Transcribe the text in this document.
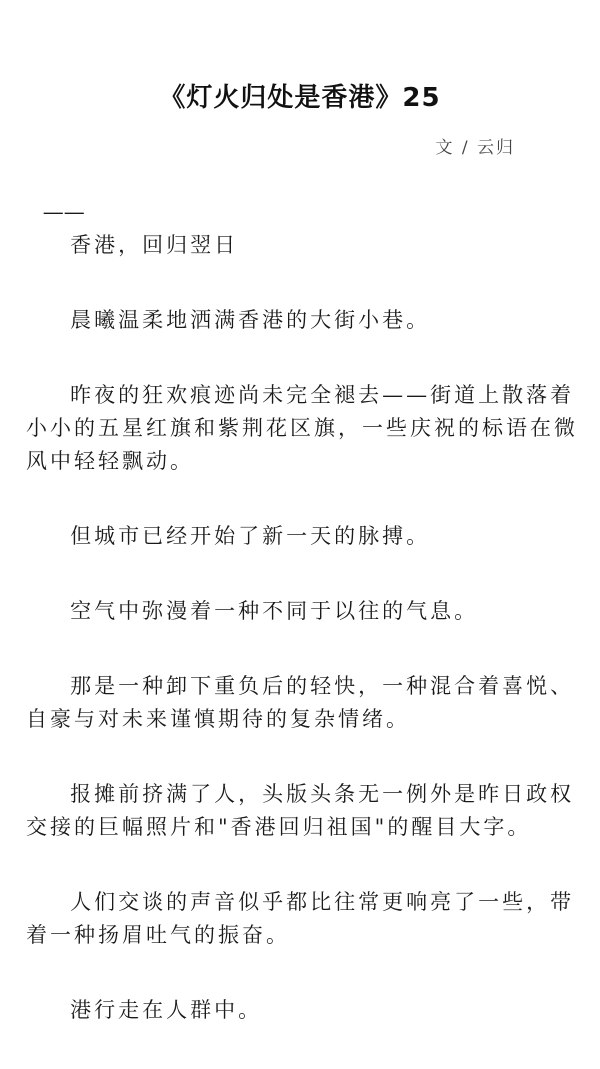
《灯火归处是香港》25
文 / 云归

——

香港，回归翌日

晨曦温柔地洒满香港的大街小巷。

昨夜的狂欢痕迹尚未完全褪去——街道上散落着小小的五星红旗和紫荆花区旗，一些庆祝的标语在微风中轻轻飘动。

但城市已经开始了新一天的脉搏。

空气中弥漫着一种不同于以往的气息。

那是一种卸下重负后的轻快，一种混合着喜悦、自豪与对未来谨慎期待的复杂情绪。

报摊前挤满了人，头版头条无一例外是昨日政权交接的巨幅照片和"香港回归祖国"的醒目大字。

人们交谈的声音似乎都比往常更响亮了一些，带着一种扬眉吐气的振奋。

港行走在人群中。
